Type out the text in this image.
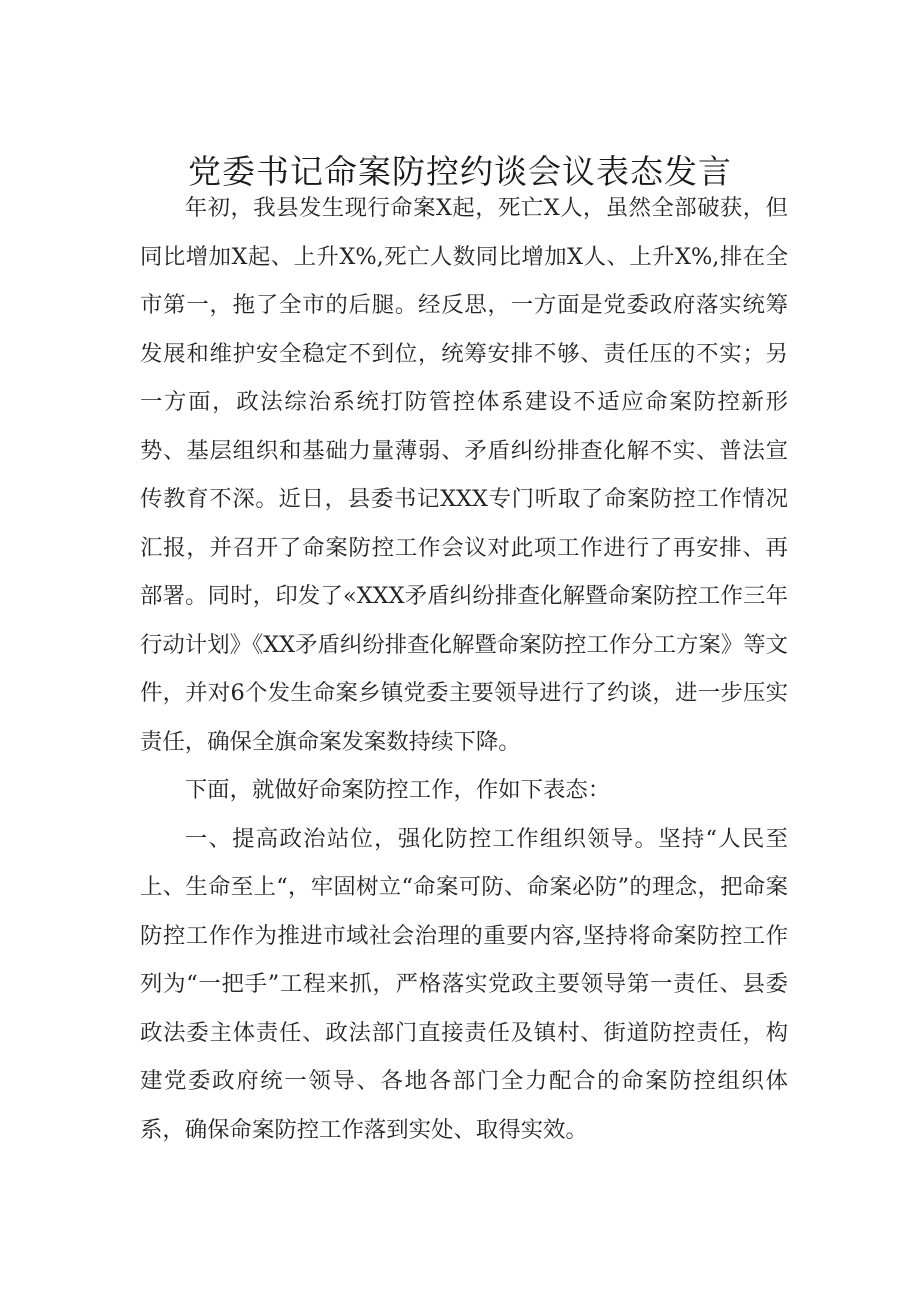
党委书记命案防控约谈会议表态发言

年初，我县发生现行命案X起，死亡X人，虽然全部破获，但同比增加X起、上升X%,死亡人数同比增加X人、上升X%,排在全市第一，拖了全市的后腿。经反思，一方面是党委政府落实统筹发展和维护安全稳定不到位，统筹安排不够、责任压的不实；另一方面，政法综治系统打防管控体系建设不适应命案防控新形势、基层组织和基础力量薄弱、矛盾纠纷排查化解不实、普法宣传教育不深。近日，县委书记XXX专门听取了命案防控工作情况汇报，并召开了命案防控工作会议对此项工作进行了再安排、再部署。同时，印发了«XXX矛盾纠纷排查化解暨命案防控工作三年行动计划》《XX矛盾纠纷排查化解暨命案防控工作分工方案》等文件，并对6个发生命案乡镇党委主要领导进行了约谈，进一步压实责任，确保全旗命案发案数持续下降。

下面，就做好命案防控工作，作如下表态：

一、提高政治站位，强化防控工作组织领导。坚持“人民至上、生命至上“，牢固树立“命案可防、命案必防”的理念，把命案防控工作作为推进市域社会治理的重要内容,坚持将命案防控工作列为“一把手”工程来抓，严格落实党政主要领导第一责任、县委政法委主体责任、政法部门直接责任及镇村、街道防控责任，构建党委政府统一领导、各地各部门全力配合的命案防控组织体系，确保命案防控工作落到实处、取得实效。
